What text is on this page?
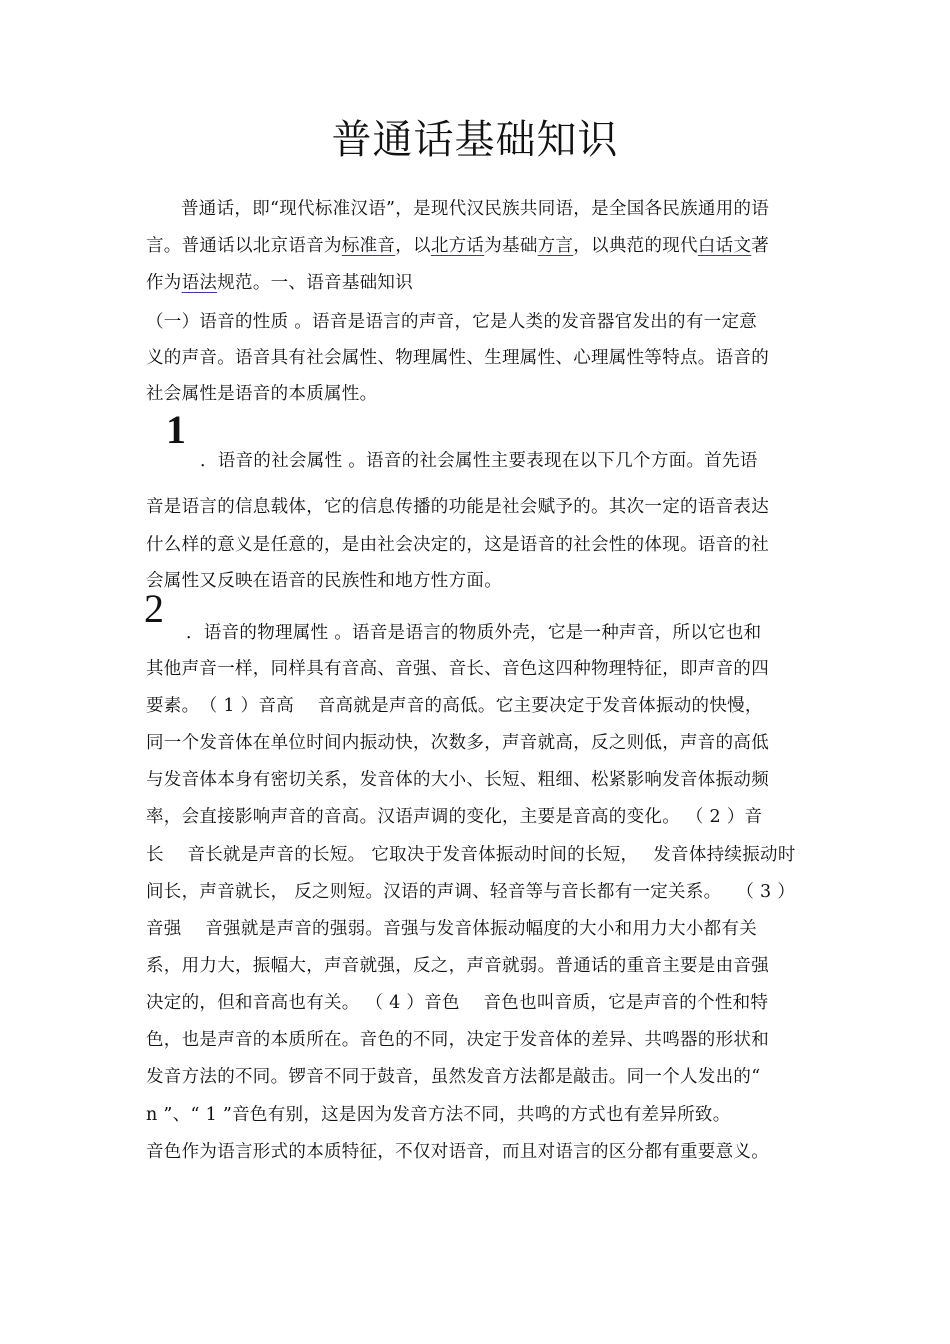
普通话基础知识
普通话，即“现代标准汉语”，是现代汉民族共同语，是全国各民族通用的语
言。普通话以北京语音为标准音，以北方话为基础方言，以典范的现代白话文著
作为语法规范。一、语音基础知识
（一）语音的性质 。语音是语言的声音，它是人类的发音器官发出的有一定意
义的声音。语音具有社会属性、物理属性、生理属性、心理属性等特点。语音的
社会属性是语音的本质属性。
1
．语音的社会属性 。语音的社会属性主要表现在以下几个方面。首先语
音是语言的信息载体，它的信息传播的功能是社会赋予的。其次一定的语音表达
什么样的意义是任意的，是由社会决定的，这是语音的社会性的体现。语音的社
会属性又反映在语音的民族性和地方性方面。
2
．语音的物理属性 。语音是语言的物质外壳，它是一种声音，所以它也和
其他声音一样，同样具有音高、音强、音长、音色这四种物理特征，即声音的四
要素。　（ 1 ）音高　 音高就是声音的高低。它主要决定于发音体振动的快慢，
同一个发音体在单位时间内振动快，次数多，声音就高，反之则低，声音的高低
与发音体本身有密切关系，发音体的大小、长短、粗细、松紧影响发音体振动频
率，会直接影响声音的音高。汉语声调的变化，主要是音高的变化。 （ 2 ）音
长　 音长就是声音的长短。 它取决于发音体振动时间的长短，　 发音体持续振动时
间长，声音就长， 反之则短。汉语的声调、轻音等与音长都有一定关系。　 （ 3 ）
音强　 音强就是声音的强弱。音强与发音体振动幅度的大小和用力大小都有关
系，用力大，振幅大，声音就强，反之，声音就弱。普通话的重音主要是由音强
决定的，但和音高也有关。 （ 4 ）音色　 音色也叫音质，它是声音的个性和特
色，也是声音的本质所在。音色的不同，决定于发音体的差异、共鸣器的形状和
发音方法的不同。锣音不同于鼓音，虽然发音方法都是敲击。同一个人发出的“
n ”、“ 1 ”音色有别，这是因为发音方法不同，共鸣的方式也有差异所致。
音色作为语言形式的本质特征，不仅对语音，而且对语言的区分都有重要意义。
